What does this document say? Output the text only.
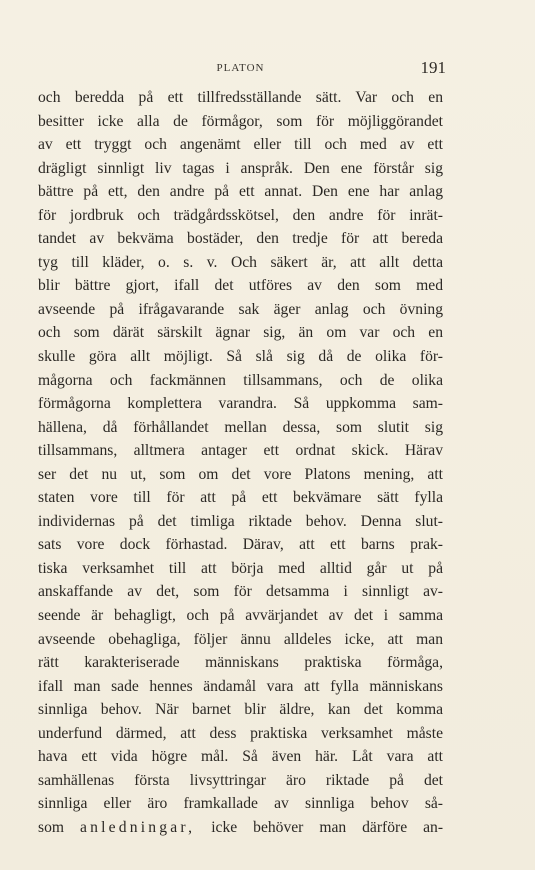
PLATON	191
och beredda på ett tillfredsställande sätt. Var och en
besitter icke alla de förmågor, som för möjliggörandet
av ett tryggt och angenämt eller till och med av ett
drägligt sinnligt liv tagas i anspråk. Den ene förstår sig
bättre på ett, den andre på ett annat. Den ene har anlag
för jordbruk och trädgårdsskötsel, den andre för inrät-
tandet av bekväma bostäder, den tredje för att bereda
tyg till kläder, o. s. v. Och säkert är, att allt detta
blir bättre gjort, ifall det utföres av den som med
avseende på ifrågavarande sak äger anlag och övning
och som därät särskilt ägnar sig, än om var och en
skulle göra allt möjligt. Så slå sig då de olika för-
mågorna och fackmännen tillsammans, och de olika
förmågorna komplettera varandra. Så uppkomma sam-
hällena, då förhållandet mellan dessa, som slutit sig
tillsammans, alltmera antager ett ordnat skick. Härav
ser det nu ut, som om det vore Platons mening, att
staten vore till för att på ett bekvämare sätt fylla
individernas på det timliga riktade behov. Denna slut-
sats vore dock förhastad. Därav, att ett barns prak-
tiska verksamhet till att börja med alltid går ut på
anskaffande av det, som för detsamma i sinnligt av-
seende är behagligt, och på avvärjandet av det i samma
avseende obehagliga, följer ännu alldeles icke, att man
rätt karakteriserade människans praktiska förmåga,
ifall man sade hennes ändamål vara att fylla människans
sinnliga behov. När barnet blir äldre, kan det komma
underfund därmed, att dess praktiska verksamhet måste
hava ett vida högre mål. Så även här. Låt vara att
samhällenas första livsyttringar äro riktade på det
sinnliga eller äro framkallade av sinnliga behov så-
som anledningar, icke behöver man därföre an-
